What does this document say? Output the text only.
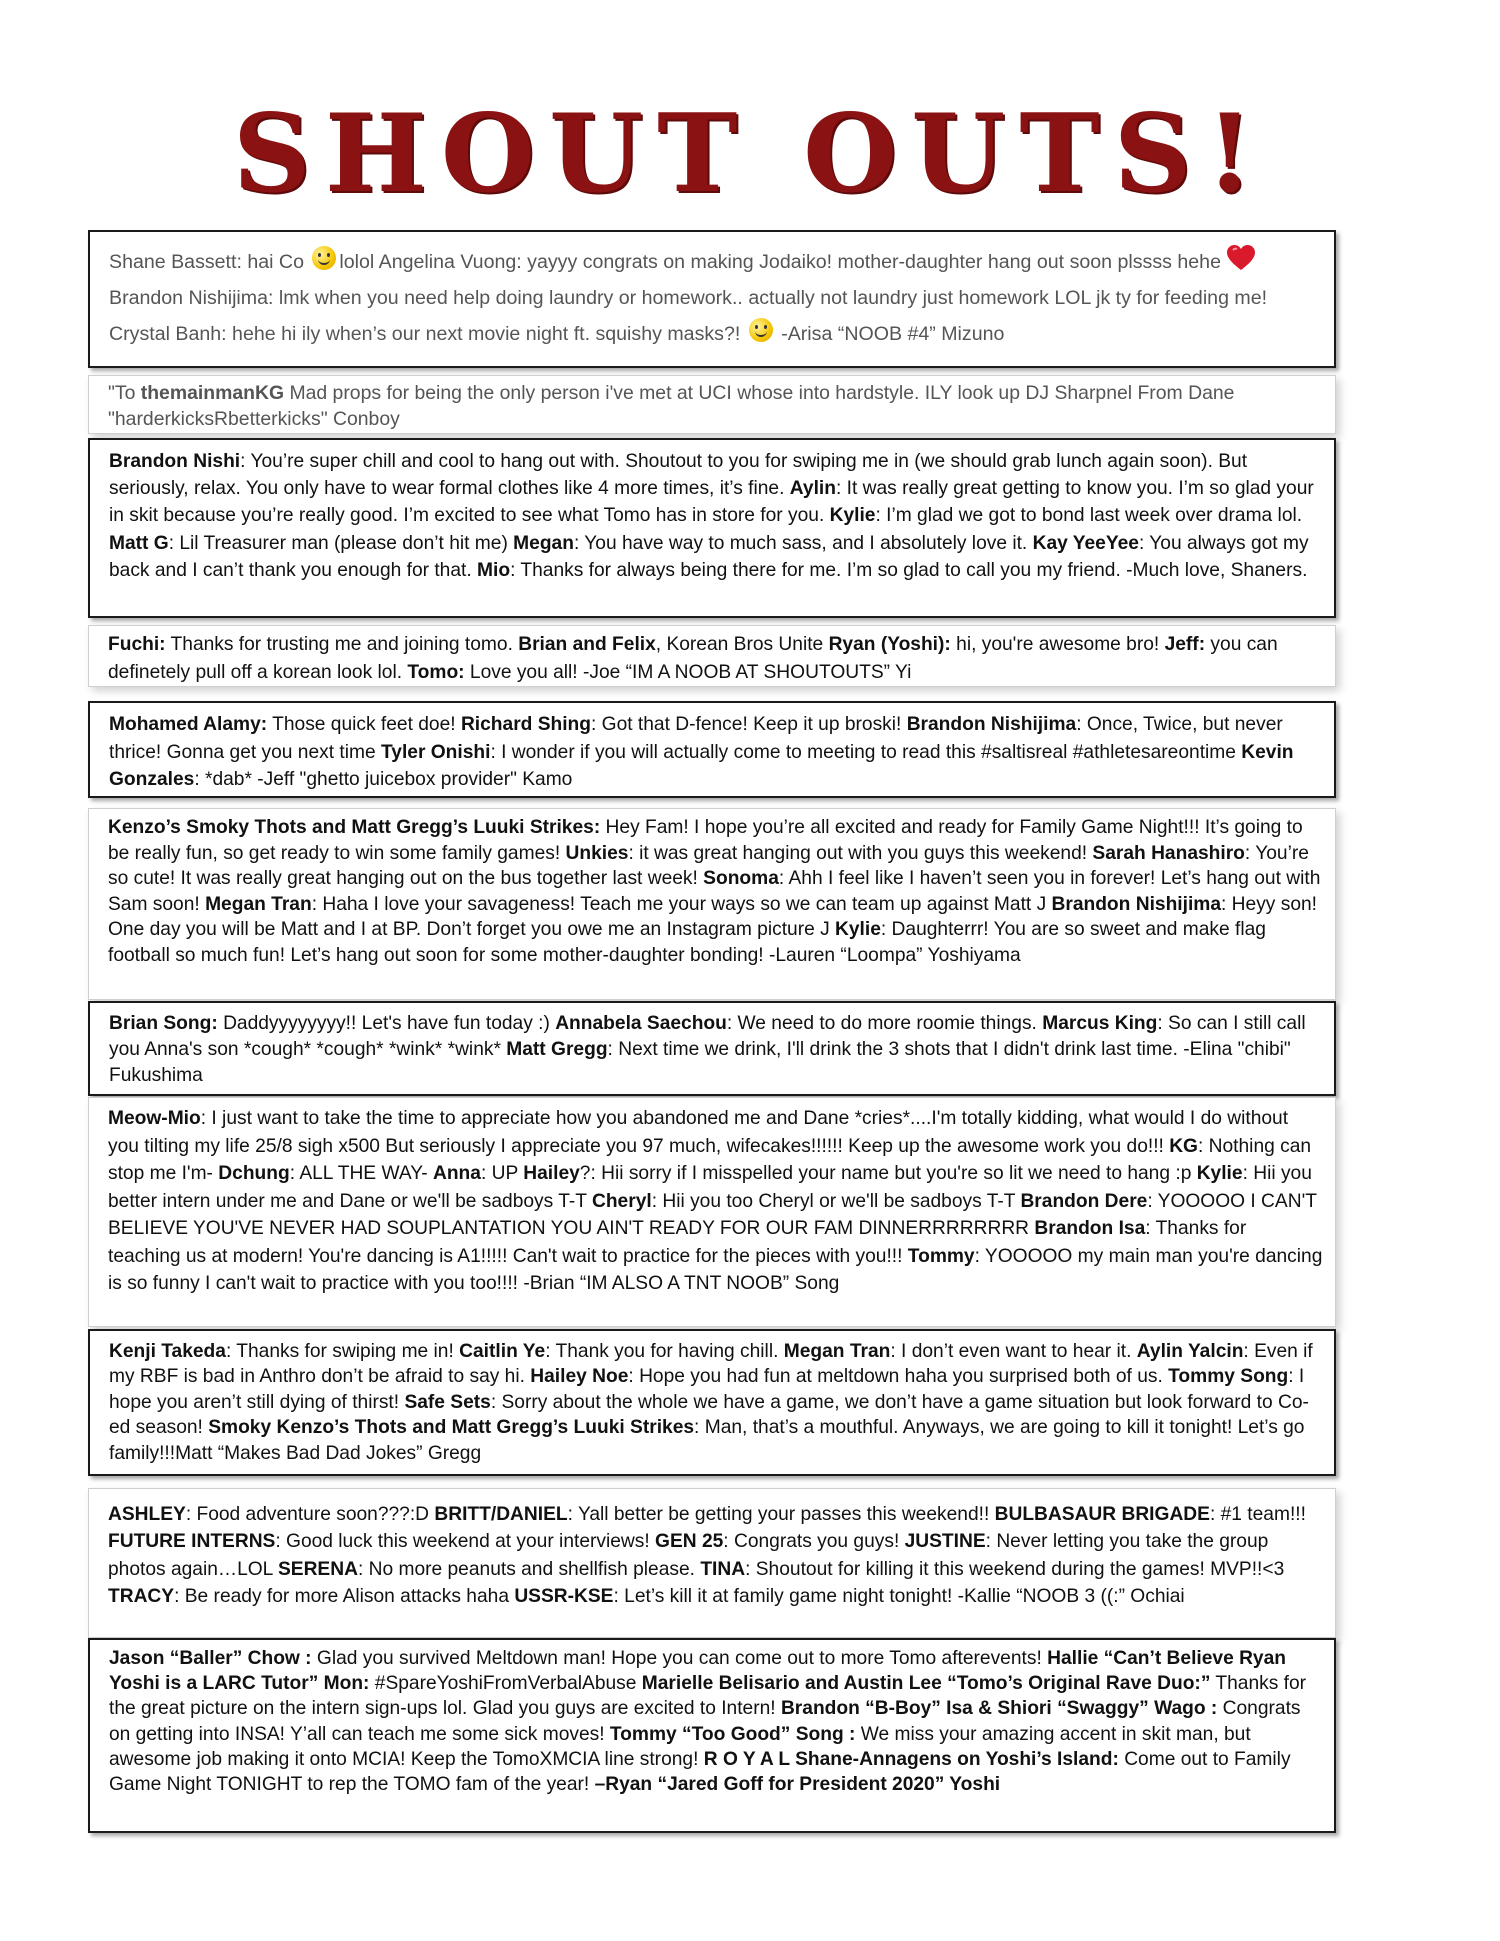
SHOUT OUTS!

Shane Bassett: hai Co lolol Angelina Vuong: yayyy congrats on making Jodaiko! mother-daughter hang out soon plssss hehe Brandon Nishijima: lmk when you need help doing laundry or homework.. actually not laundry just homework LOL jk ty for feeding me! Crystal Banh: hehe hi ily when’s our next movie night ft. squishy masks?!  -Arisa “NOOB #4” Mizuno

"To themainmanKG Mad props for being the only person i've met at UCI whose into hardstyle. ILY look up DJ Sharpnel From Dane "harderkicksRbetterkicks" Conboy

Brandon Nishi: You’re super chill and cool to hang out with. Shoutout to you for swiping me in (we should grab lunch again soon). But seriously, relax. You only have to wear formal clothes like 4 more times, it’s fine. Aylin: It was really great getting to know you. I’m so glad your in skit because you’re really good. I’m excited to see what Tomo has in store for you. Kylie: I’m glad we got to bond last week over drama lol. Matt G: Lil Treasurer man (please don’t hit me) Megan: You have way to much sass, and I absolutely love it. Kay YeeYee: You always got my back and I can’t thank you enough for that. Mio: Thanks for always being there for me. I’m so glad to call you my friend. -Much love, Shaners.

Fuchi: Thanks for trusting me and joining tomo. Brian and Felix, Korean Bros Unite Ryan (Yoshi): hi, you're awesome bro! Jeff: you can definetely pull off a korean look lol. Tomo: Love you all! -Joe “IM A NOOB AT SHOUTOUTS” Yi

Mohamed Alamy: Those quick feet doe! Richard Shing: Got that D-fence! Keep it up broski! Brandon Nishijima: Once, Twice, but never thrice! Gonna get you next time Tyler Onishi: I wonder if you will actually come to meeting to read this #saltisreal #athletesareontime Kevin Gonzales: *dab* -Jeff "ghetto juicebox provider" Kamo

Kenzo’s Smoky Thots and Matt Gregg’s Luuki Strikes: Hey Fam! I hope you’re all excited and ready for Family Game Night!!! It’s going to be really fun, so get ready to win some family games! Unkies: it was great hanging out with you guys this weekend! Sarah Hanashiro: You’re so cute! It was really great hanging out on the bus together last week! Sonoma: Ahh I feel like I haven’t seen you in forever! Let’s hang out with Sam soon! Megan Tran: Haha I love your savageness! Teach me your ways so we can team up against Matt J Brandon Nishijima: Heyy son! One day you will be Matt and I at BP. Don’t forget you owe me an Instagram picture J Kylie: Daughterrr! You are so sweet and make flag football so much fun! Let’s hang out soon for some mother-daughter bonding! -Lauren “Loompa” Yoshiyama

Brian Song: Daddyyyyyyyy!! Let's have fun today :) Annabela Saechou: We need to do more roomie things. Marcus King: So can I still call you Anna's son *cough* *cough* *wink* *wink* Matt Gregg: Next time we drink, I'll drink the 3 shots that I didn't drink last time. -Elina "chibi" Fukushima

Meow-Mio: I just want to take the time to appreciate how you abandoned me and Dane *cries*....I'm totally kidding, what would I do without you tilting my life 25/8 sigh x500 But seriously I appreciate you 97 much, wifecakes!!!!!! Keep up the awesome work you do!!! KG: Nothing can stop me I'm- Dchung: ALL THE WAY- Anna: UP Hailey?: Hii sorry if I misspelled your name but you're so lit we need to hang :p Kylie: Hii you better intern under me and Dane or we'll be sadboys T-T Cheryl: Hii you too Cheryl or we'll be sadboys T-T Brandon Dere: YOOOOO I CAN'T BELIEVE YOU'VE NEVER HAD SOUPLANTATION YOU AIN'T READY FOR OUR FAM DINNERRRRRRRR Brandon Isa: Thanks for teaching us at modern! You're dancing is A1!!!!! Can't wait to practice for the pieces with you!!! Tommy: YOOOOO my main man you're dancing is so funny I can't wait to practice with you too!!!! -Brian “IM ALSO A TNT NOOB” Song

Kenji Takeda: Thanks for swiping me in! Caitlin Ye: Thank you for having chill. Megan Tran: I don’t even want to hear it. Aylin Yalcin: Even if my RBF is bad in Anthro don’t be afraid to say hi. Hailey Noe: Hope you had fun at meltdown haha you surprised both of us. Tommy Song: I hope you aren’t still dying of thirst! Safe Sets: Sorry about the whole we have a game, we don’t have a game situation but look forward to Co-ed season! Smoky Kenzo’s Thots and Matt Gregg’s Luuki Strikes: Man, that’s a mouthful. Anyways, we are going to kill it tonight! Let’s go family!!!Matt “Makes Bad Dad Jokes” Gregg

ASHLEY: Food adventure soon???:D BRITT/DANIEL: Yall better be getting your passes this weekend!! BULBASAUR BRIGADE: #1 team!!! FUTURE INTERNS: Good luck this weekend at your interviews! GEN 25: Congrats you guys! JUSTINE: Never letting you take the group photos again…LOL SERENA: No more peanuts and shellfish please. TINA: Shoutout for killing it this weekend during the games! MVP!!<3 TRACY: Be ready for more Alison attacks haha USSR-KSE: Let’s kill it at family game night tonight! -Kallie “NOOB 3 ((:” Ochiai

Jason “Baller” Chow : Glad you survived Meltdown man! Hope you can come out to more Tomo afterevents! Hallie “Can’t Believe Ryan Yoshi is a LARC Tutor” Mon: #SpareYoshiFromVerbalAbuse Marielle Belisario and Austin Lee “Tomo’s Original Rave Duo:” Thanks for the great picture on the intern sign-ups lol. Glad you guys are excited to Intern! Brandon “B-Boy” Isa & Shiori “Swaggy” Wago : Congrats on getting into INSA! Y’all can teach me some sick moves! Tommy “Too Good” Song : We miss your amazing accent in skit man, but awesome job making it onto MCIA! Keep the TomoXMCIA line strong! R O Y A L Shane-Annagens on Yoshi’s Island: Come out to Family Game Night TONIGHT to rep the TOMO fam of the year! –Ryan “Jared Goff for President 2020” Yoshi
